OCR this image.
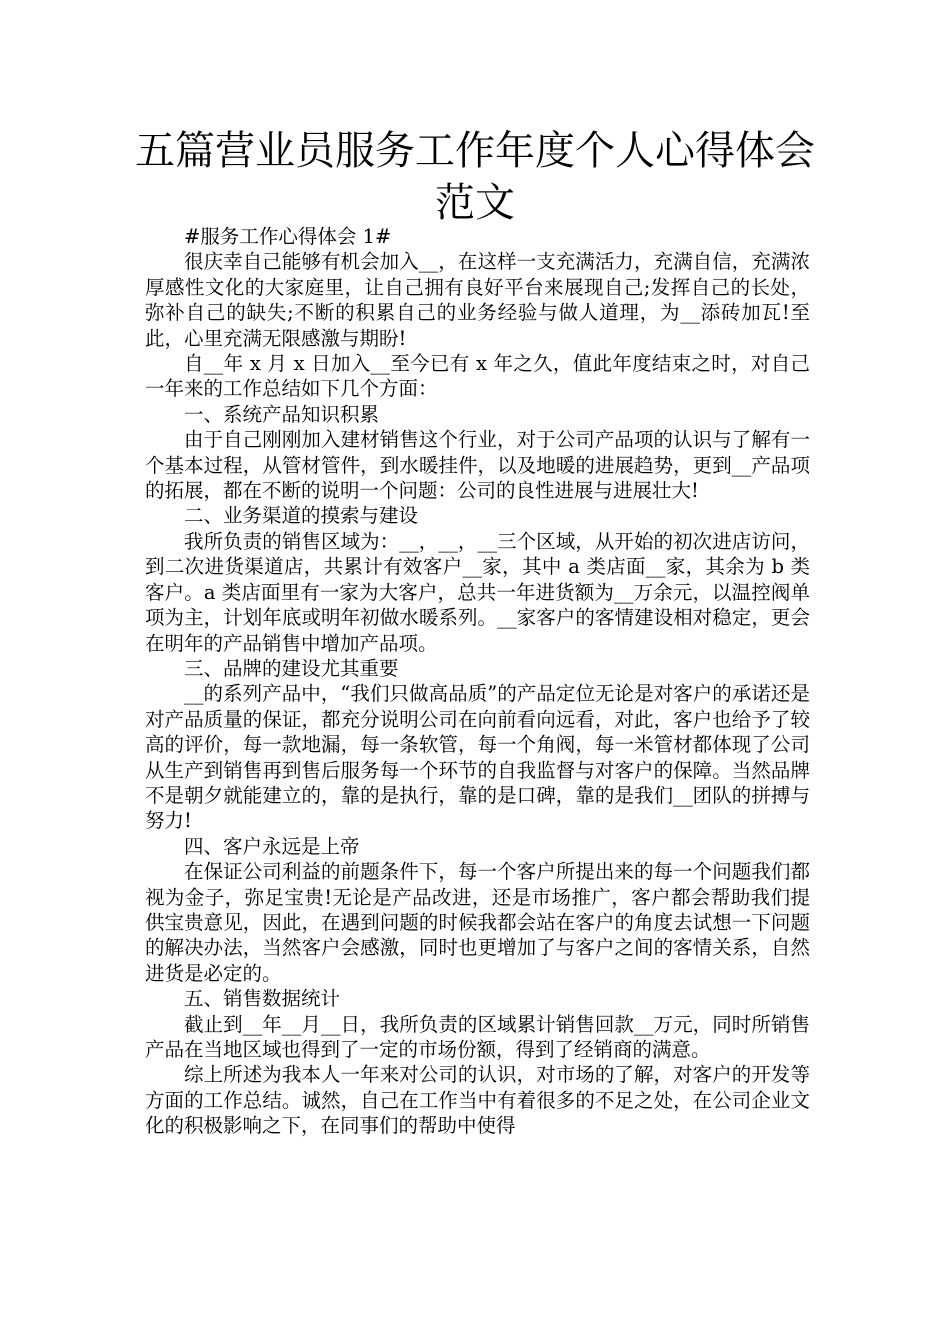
五篇营业员服务工作年度个人心得体会
范文

#服务工作心得体会 1#

很庆幸自己能够有机会加入__，在这样一支充满活力，充满自信，充满浓厚感性文化的大家庭里，让自己拥有良好平台来展现自己;发挥自己的长处，弥补自己的缺失;不断的积累自己的业务经验与做人道理，为__添砖加瓦!至此，心里充满无限感激与期盼!

自__年 x 月 x 日加入__至今已有 x 年之久，值此年度结束之时，对自己一年来的工作总结如下几个方面：

一、系统产品知识积累

由于自己刚刚加入建材销售这个行业，对于公司产品项的认识与了解有一个基本过程，从管材管件，到水暖挂件，以及地暖的进展趋势，更到__产品项的拓展，都在不断的说明一个问题：公司的良性进展与进展壮大!

二、业务渠道的摸索与建设

我所负责的销售区域为：__，__，__三个区域，从开始的初次进店访问，到二次进货渠道店，共累计有效客户__家，其中 a 类店面__家，其余为 b 类客户。a 类店面里有一家为大客户，总共一年进货额为__万余元，以温控阀单项为主，计划年底或明年初做水暖系列。__家客户的客情建设相对稳定，更会在明年的产品销售中增加产品项。

三、品牌的建设尤其重要

__的系列产品中，“我们只做高品质”的产品定位无论是对客户的承诺还是对产品质量的保证，都充分说明公司在向前看向远看，对此，客户也给予了较高的评价，每一款地漏，每一条软管，每一个角阀，每一米管材都体现了公司从生产到销售再到售后服务每一个环节的自我监督与对客户的保障。当然品牌不是朝夕就能建立的，靠的是执行，靠的是口碑，靠的是我们__团队的拼搏与努力!

四、客户永远是上帝

在保证公司利益的前题条件下，每一个客户所提出来的每一个问题我们都视为金子，弥足宝贵!无论是产品改进，还是市场推广，客户都会帮助我们提供宝贵意见，因此，在遇到问题的时候我都会站在客户的角度去试想一下问题的解决办法，当然客户会感激，同时也更增加了与客户之间的客情关系，自然进货是必定的。

五、销售数据统计

截止到__年__月__日，我所负责的区域累计销售回款__万元，同时所销售产品在当地区域也得到了一定的市场份额，得到了经销商的满意。

综上所述为我本人一年来对公司的认识，对市场的了解，对客户的开发等方面的工作总结。诚然，自己在工作当中有着很多的不足之处，在公司企业文化的积极影响之下，在同事们的帮助中使得
